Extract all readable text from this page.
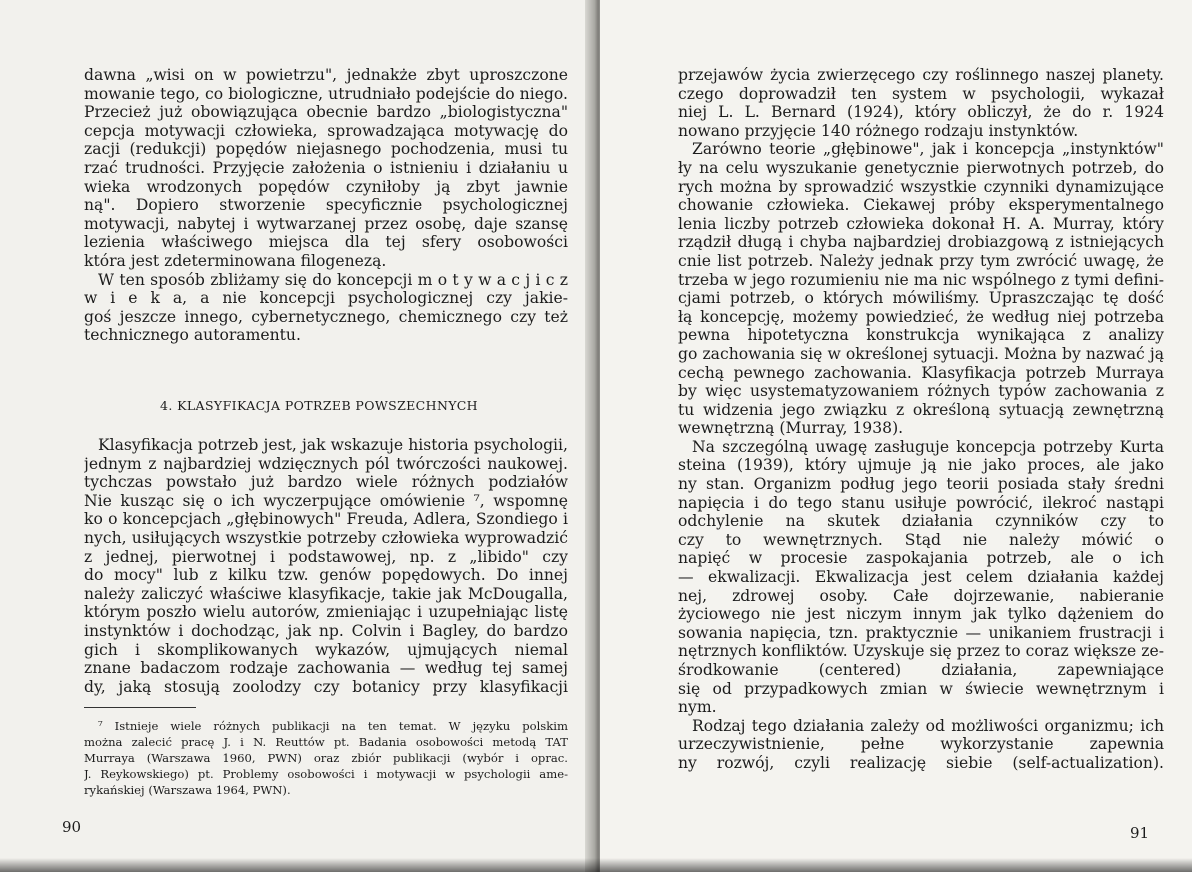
dawna „wisi on w powietrzu", jednakże zbyt uproszczone
mowanie tego, co biologiczne, utrudniało podejście do niego.
Przecież już obowiązująca obecnie bardzo „biologistyczna"
cepcja motywacji człowieka, sprowadzająca motywację do
zacji (redukcji) popędów niejasnego pochodzenia, musi tu
rzać trudności. Przyjęcie założenia o istnieniu i działaniu u
wieka wrodzonych popędów czyniłoby ją zbyt jawnie
ną". Dopiero stworzenie specyficznie psychologicznej
motywacji, nabytej i wytwarzanej przez osobę, daje szansę
lezienia właściwego miejsca dla tej sfery osobowości
która jest zdeterminowana filogenezą.
W ten sposób zbliżamy się do koncepcji m o t y w a c j i c z
w i e k a, a nie koncepcji psychologicznej czy jakie-
goś jeszcze innego, cybernetycznego, chemicznego czy też
technicznego autoramentu.
4. KLASYFIKACJA POTRZEB POWSZECHNYCH
Klasyfikacja potrzeb jest, jak wskazuje historia psychologii,
jednym z najbardziej wdzięcznych pól twórczości naukowej.
tychczas powstało już bardzo wiele różnych podziałów
Nie kusząc się o ich wyczerpujące omówienie ⁷, wspomnę
ko o koncepcjach „głębinowych" Freuda, Adlera, Szondiego i
nych, usiłujących wszystkie potrzeby człowieka wyprowadzić
z jednej, pierwotnej i podstawowej, np. z „libido" czy
do mocy" lub z kilku tzw. genów popędowych. Do innej
należy zaliczyć właściwe klasyfikacje, takie jak McDougalla,
którym poszło wielu autorów, zmieniając i uzupełniając listę
instynktów i dochodząc, jak np. Colvin i Bagley, do bardzo
gich i skomplikowanych wykazów, ujmujących niemal
znane badaczom rodzaje zachowania — według tej samej
dy, jaką stosują zoolodzy czy botanicy przy klasyfikacji
⁷ Istnieje wiele różnych publikacji na ten temat. W języku polskim
można zalecić pracę J. i N. Reuttów pt. Badania osobowości metodą TAT
Murraya (Warszawa 1960, PWN) oraz zbiór publikacji (wybór i oprac.
J. Reykowskiego) pt. Problemy osobowości i motywacji w psychologii ame-
rykańskiej (Warszawa 1964, PWN).
90
przejawów życia zwierzęcego czy roślinnego naszej planety.
czego doprowadził ten system w psychologii, wykazał
niej L. L. Bernard (1924), który obliczył, że do r. 1924
nowano przyjęcie 140 różnego rodzaju instynktów.
Zarówno teorie „głębinowe", jak i koncepcja „instynktów"
ły na celu wyszukanie genetycznie pierwotnych potrzeb, do
rych można by sprowadzić wszystkie czynniki dynamizujące
chowanie człowieka. Ciekawej próby eksperymentalnego
lenia liczby potrzeb człowieka dokonał H. A. Murray, który
rządził długą i chyba najbardziej drobiazgową z istniejących
cnie list potrzeb. Należy jednak przy tym zwrócić uwagę, że
trzeba w jego rozumieniu nie ma nic wspólnego z tymi defini-
cjami potrzeb, o których mówiliśmy. Upraszczając tę dość
łą koncepcję, możemy powiedzieć, że według niej potrzeba
pewna hipotetyczna konstrukcja wynikająca z analizy
go zachowania się w określonej sytuacji. Można by nazwać ją
cechą pewnego zachowania. Klasyfikacja potrzeb Murraya
by więc usystematyzowaniem różnych typów zachowania z
tu widzenia jego związku z określoną sytuacją zewnętrzną
wewnętrzną (Murray, 1938).
Na szczególną uwagę zasługuje koncepcja potrzeby Kurta
steina (1939), który ujmuje ją nie jako proces, ale jako
ny stan. Organizm podług jego teorii posiada stały średni
napięcia i do tego stanu usiłuje powrócić, ilekroć nastąpi
odchylenie na skutek działania czynników czy to
czy to wewnętrznych. Stąd nie należy mówić o
napięć w procesie zaspokajania potrzeb, ale o ich
— ekwalizacji. Ekwalizacja jest celem działania każdej
nej, zdrowej osoby. Całe dojrzewanie, nabieranie
życiowego nie jest niczym innym jak tylko dążeniem do
sowania napięcia, tzn. praktycznie — unikaniem frustracji i
nętrznych konfliktów. Uzyskuje się przez to coraz większe ze-
środkowanie (centered) działania, zapewniające
się od przypadkowych zmian w świecie wewnętrznym i
nym.
Rodzaj tego działania zależy od możliwości organizmu; ich
urzeczywistnienie, pełne wykorzystanie zapewnia
ny rozwój, czyli realizację siebie (self-actualization).
91
